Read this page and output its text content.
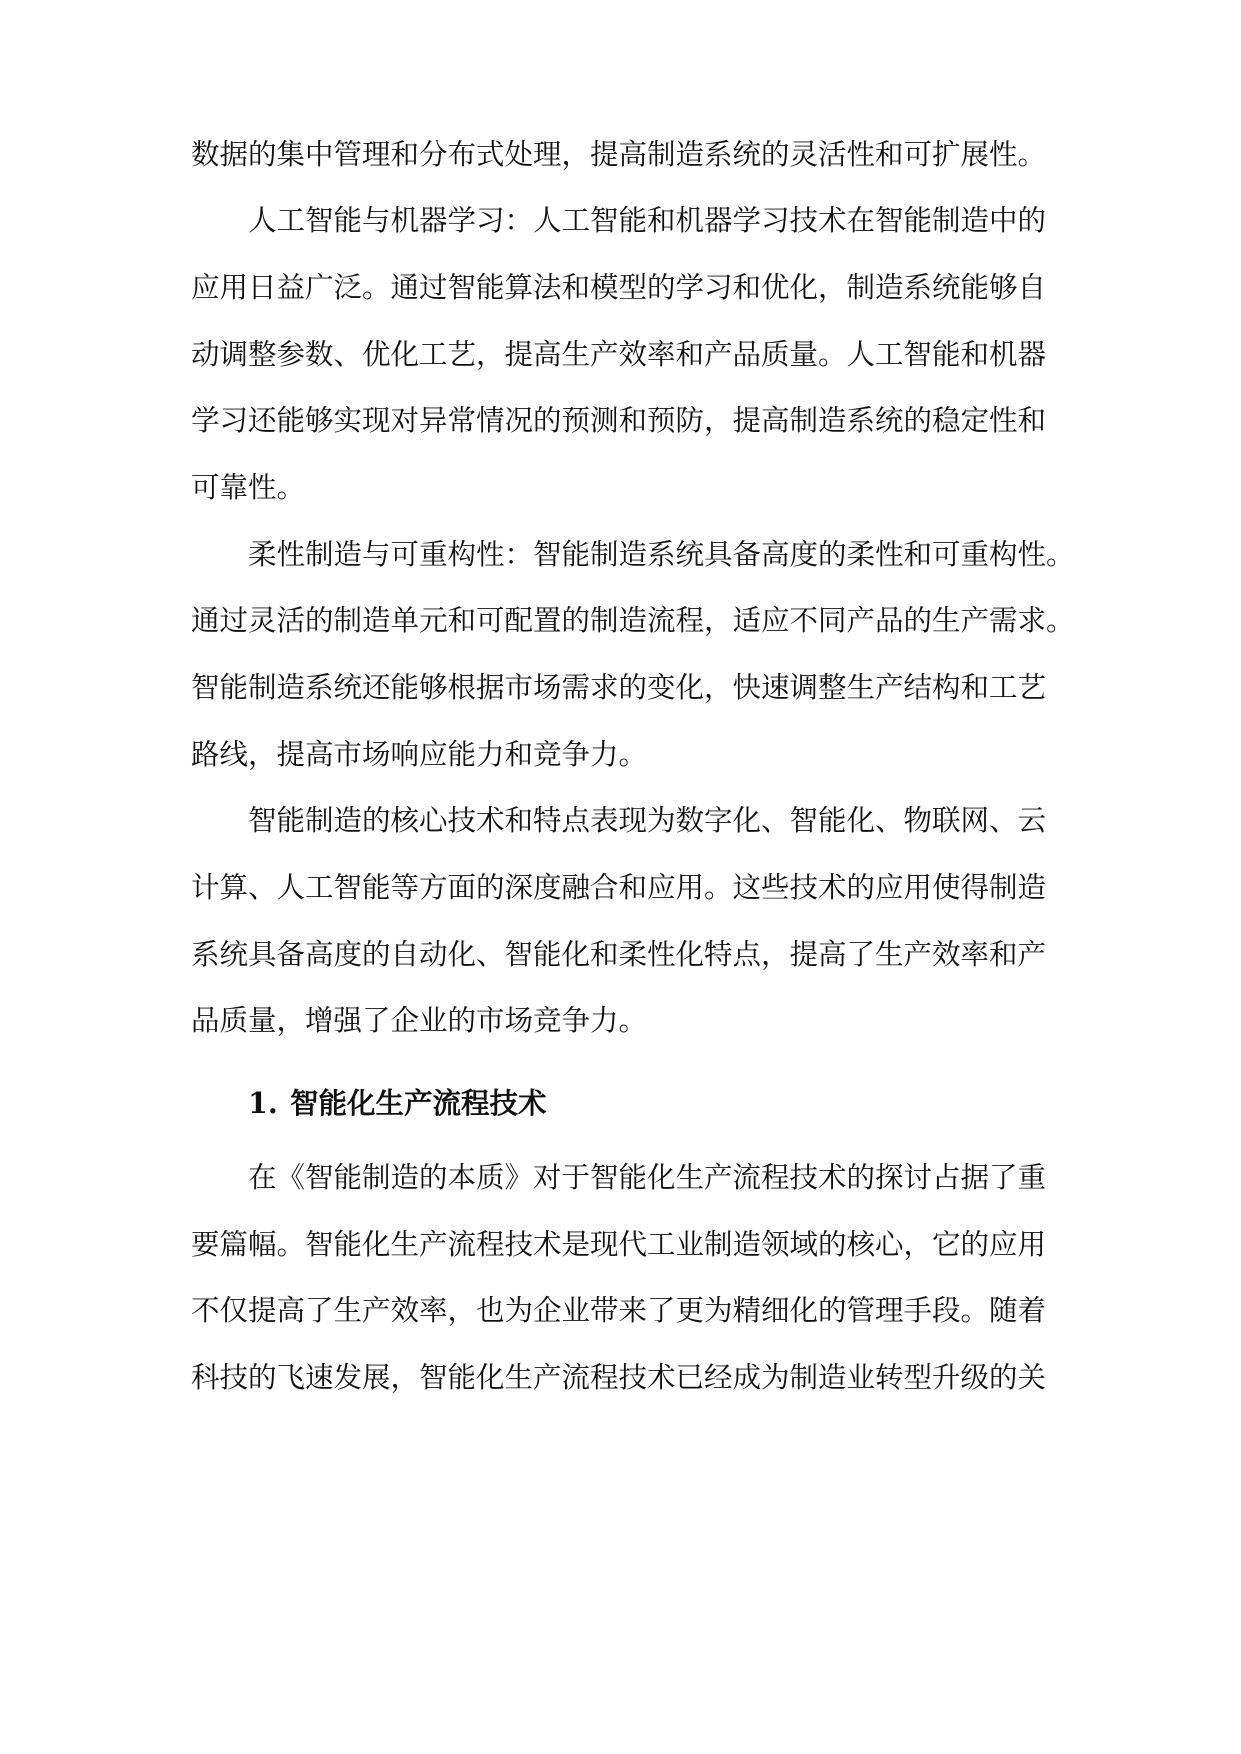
数据的集中管理和分布式处理，提高制造系统的灵活性和可扩展性。
人工智能与机器学习：人工智能和机器学习技术在智能制造中的
应用日益广泛。通过智能算法和模型的学习和优化，制造系统能够自
动调整参数、优化工艺，提高生产效率和产品质量。人工智能和机器
学习还能够实现对异常情况的预测和预防，提高制造系统的稳定性和
可靠性。
柔性制造与可重构性：智能制造系统具备高度的柔性和可重构性。
通过灵活的制造单元和可配置的制造流程，适应不同产品的生产需求。
智能制造系统还能够根据市场需求的变化，快速调整生产结构和工艺
路线，提高市场响应能力和竞争力。
智能制造的核心技术和特点表现为数字化、智能化、物联网、云
计算、人工智能等方面的深度融合和应用。这些技术的应用使得制造
系统具备高度的自动化、智能化和柔性化特点，提高了生产效率和产
品质量，增强了企业的市场竞争力。
1. 智能化生产流程技术
在《智能制造的本质》对于智能化生产流程技术的探讨占据了重
要篇幅。智能化生产流程技术是现代工业制造领域的核心，它的应用
不仅提高了生产效率，也为企业带来了更为精细化的管理手段。随着
科技的飞速发展，智能化生产流程技术已经成为制造业转型升级的关
